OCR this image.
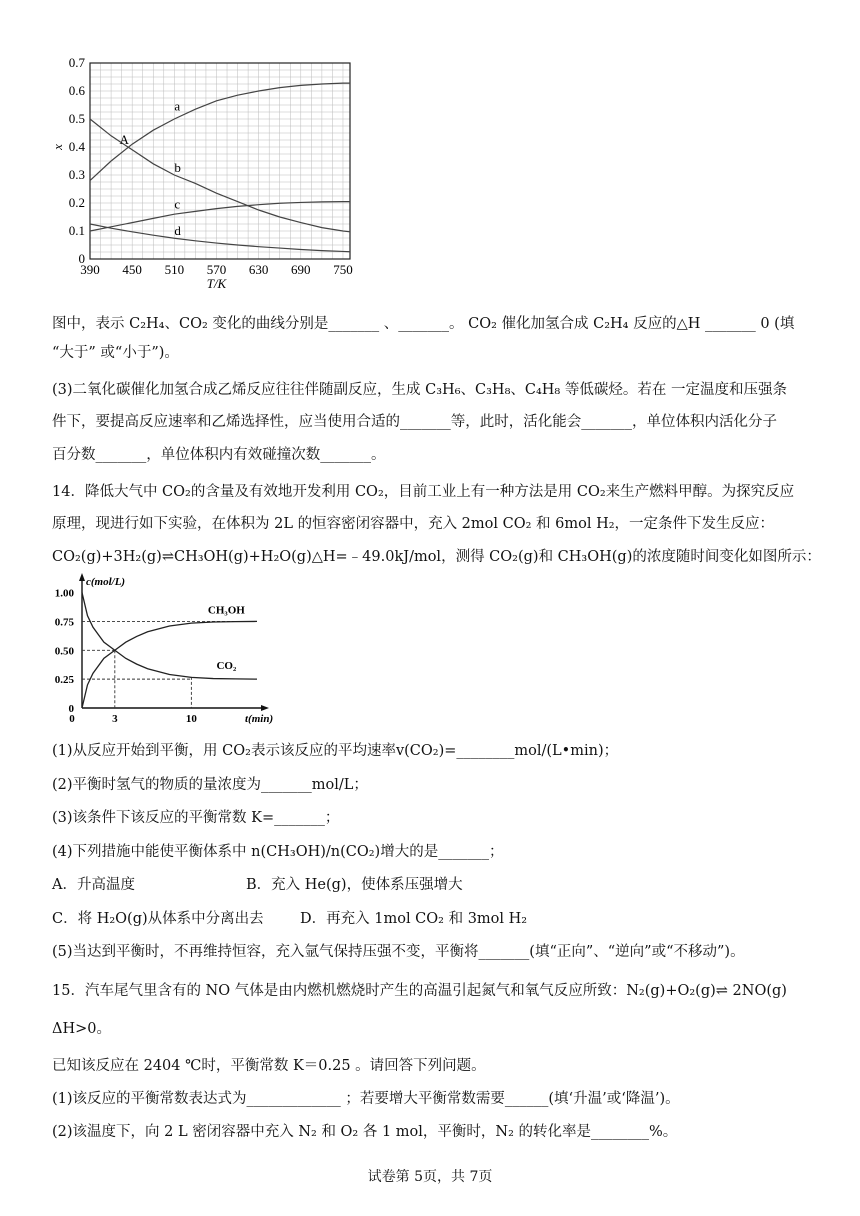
390 450 510 570 630 690 750
0
0.1
0.2
0.3
0.4
0.5
0.6
0.7
T/K
x
a
b
c
d
A
图中，表示 C₂H₄、CO₂ 变化的曲线分别是_______ 、_______。 CO₂ 催化加氢合成 C₂H₄ 反应的△H _______ 0 (填
“大于” 或“小于”)。
(3)二氧化碳催化加氢合成乙烯反应往往伴随副反应，生成 C₃H₆、C₃H₈、C₄H₈ 等低碳烃。若在 一定温度和压强条
件下，要提高反应速率和乙烯选择性，应当使用合适的_______等，此时，活化能会_______，单位体积内活化分子
百分数_______，单位体积内有效碰撞次数_______。
14．降低大气中 CO₂的含量及有效地开发利用 CO₂，目前工业上有一种方法是用 CO₂来生产燃料甲醇。为探究反应
原理，现进行如下实验，在体积为 2L 的恒容密闭容器中，充入 2mol CO₂ 和 6mol H₂，一定条件下发生反应：
CO₂(g)+3H₂(g)⇌CH₃OH(g)+H₂O(g)△H=﹣49.0kJ/mol，测得 CO₂(g)和 CH₃OH(g)的浓度随时间变化如图所示：
0
0.25
0.50
0.75
1.00
0	3	10
c(mol/L)
t(min)
CH₃OH
CO₂
(1)从反应开始到平衡，用 CO₂表示该反应的平均速率v(CO₂)=________mol/(L•min)；
(2)平衡时氢气的物质的量浓度为_______mol/L；
(3)该条件下该反应的平衡常数 K=_______；
(4)下列措施中能使平衡体系中 n(CH₃OH)/n(CO₂)增大的是_______；
A．升高温度	B．充入 He(g)，使体系压强增大
C．将 H₂O(g)从体系中分离出去	D．再充入 1mol CO₂ 和 3mol H₂
(5)当达到平衡时，不再维持恒容，充入氩气保持压强不变，平衡将_______(填“正向”、“逆向”或“不移动”)。
15．汽车尾气里含有的 NO 气体是由内燃机燃烧时产生的高温引起氮气和氧气反应所致：N₂(g)+O₂(g)⇌ 2NO(g)
ΔH>0。
已知该反应在 2404 ℃时，平衡常数 K＝0.25 。请回答下列问题。
(1)该反应的平衡常数表达式为_____________ ；若要增大平衡常数需要______(填‘升温’或‘降温’)。
(2)该温度下，向 2 L 密闭容器中充入 N₂ 和 O₂ 各 1 mol，平衡时，N₂ 的转化率是________%。
试卷第 5页，共 7页
